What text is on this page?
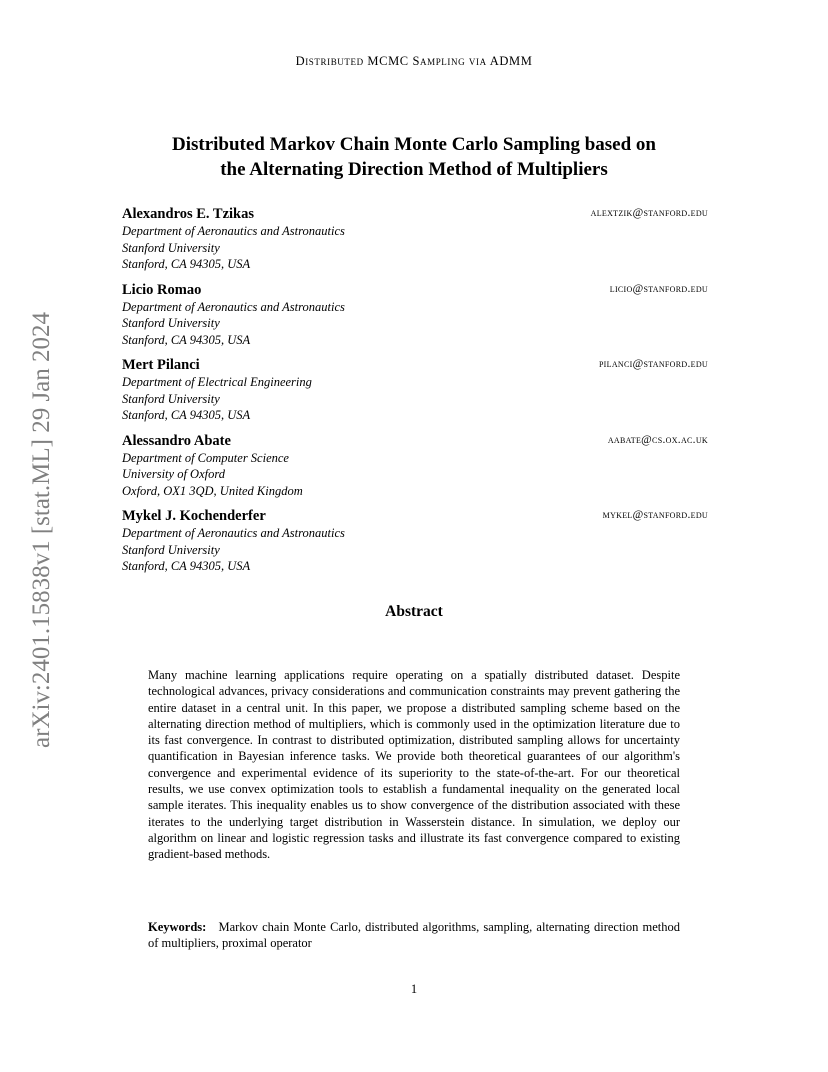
Distributed MCMC Sampling via ADMM
arXiv:2401.15838v1 [stat.ML] 29 Jan 2024
Distributed Markov Chain Monte Carlo Sampling based on
the Alternating Direction Method of Multipliers
Alexandros E. Tzikas	alextzik@stanford.edu
Department of Aeronautics and Astronautics
Stanford University
Stanford, CA 94305, USA
Licio Romao	licio@stanford.edu
Department of Aeronautics and Astronautics
Stanford University
Stanford, CA 94305, USA
Mert Pilanci	pilanci@stanford.edu
Department of Electrical Engineering
Stanford University
Stanford, CA 94305, USA
Alessandro Abate	aabate@cs.ox.ac.uk
Department of Computer Science
University of Oxford
Oxford, OX1 3QD, United Kingdom
Mykel J. Kochenderfer	mykel@stanford.edu
Department of Aeronautics and Astronautics
Stanford University
Stanford, CA 94305, USA
Abstract

Many machine learning applications require operating on a spatially distributed dataset. Despite technological advances, privacy considerations and communication constraints may prevent gathering the entire dataset in a central unit. In this paper, we propose a distributed sampling scheme based on the alternating direction method of multipliers, which is commonly used in the optimization literature due to its fast convergence. In contrast to distributed optimization, distributed sampling allows for uncertainty quantification in Bayesian inference tasks. We provide both theoretical guarantees of our algorithm's convergence and experimental evidence of its superiority to the state-of-the-art. For our theoretical results, we use convex optimization tools to establish a fundamental inequality on the generated local sample iterates. This inequality enables us to show convergence of the distribution associated with these iterates to the underlying target distribution in Wasserstein distance. In simulation, we deploy our algorithm on linear and logistic regression tasks and illustrate its fast convergence compared to existing gradient-based methods.

Keywords: Markov chain Monte Carlo, distributed algorithms, sampling, alternating direction method of multipliers, proximal operator
1
